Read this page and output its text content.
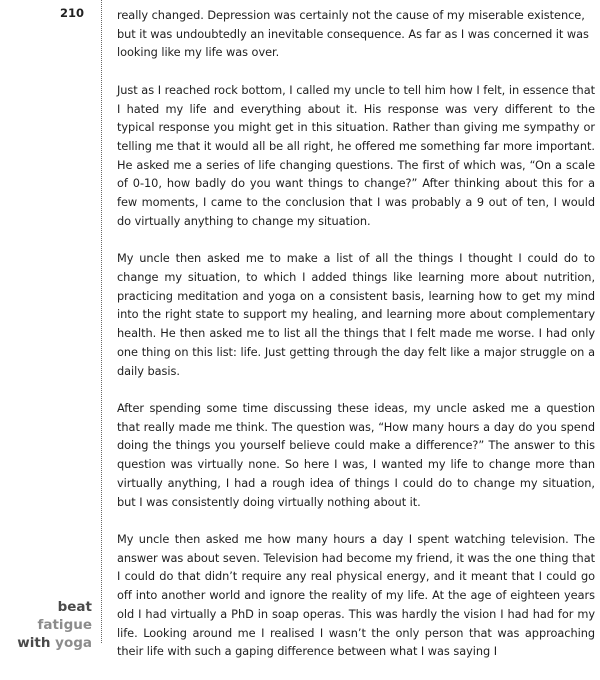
210	really changed. Depression was certainly not the cause of my miserable existence, but it was undoubtedly an inevitable consequence. As far as I was concerned it was looking like my life was over.

Just as I reached rock bottom, I called my uncle to tell him how I felt, in essence that I hated my life and everything about it. His response was very different to the typical response you might get in this situation. Rather than giving me sympathy or telling me that it would all be all right, he offered me something far more important. He asked me a series of life changing questions. The first of which was, “On a scale of 0-10, how badly do you want things to change?” After thinking about this for a few moments, I came to the conclusion that I was probably a 9 out of ten, I would do virtually anything to change my situation.

My uncle then asked me to make a list of all the things I thought I could do to change my situation, to which I added things like learning more about nutrition, practicing meditation and yoga on a consistent basis, learning how to get my mind into the right state to support my healing, and learning more about complementary health. He then asked me to list all the things that I felt made me worse. I had only one thing on this list: life. Just getting through the day felt like a major struggle on a daily basis.

After spending some time discussing these ideas, my uncle asked me a question that really made me think. The question was, “How many hours a day do you spend doing the things you yourself believe could make a difference?” The answer to this question was virtually none. So here I was, I wanted my life to change more than virtually anything, I had a rough idea of things I could do to change my situation, but I was consistently doing virtually nothing about it.

My uncle then asked me how many hours a day I spent watching television. The answer was about seven. Television had become my friend, it was the one thing that I could do that didn’t require any real physical energy, and it meant that I could go off into another world and ignore the reality of my life. At the age of eighteen years old I had virtually a PhD in soap operas. This was hardly the vision I had had for my life. Looking around me I realised I wasn’t the only person that was approaching their life with such a gaping difference between what I was saying I

beat fatigue
with yoga
